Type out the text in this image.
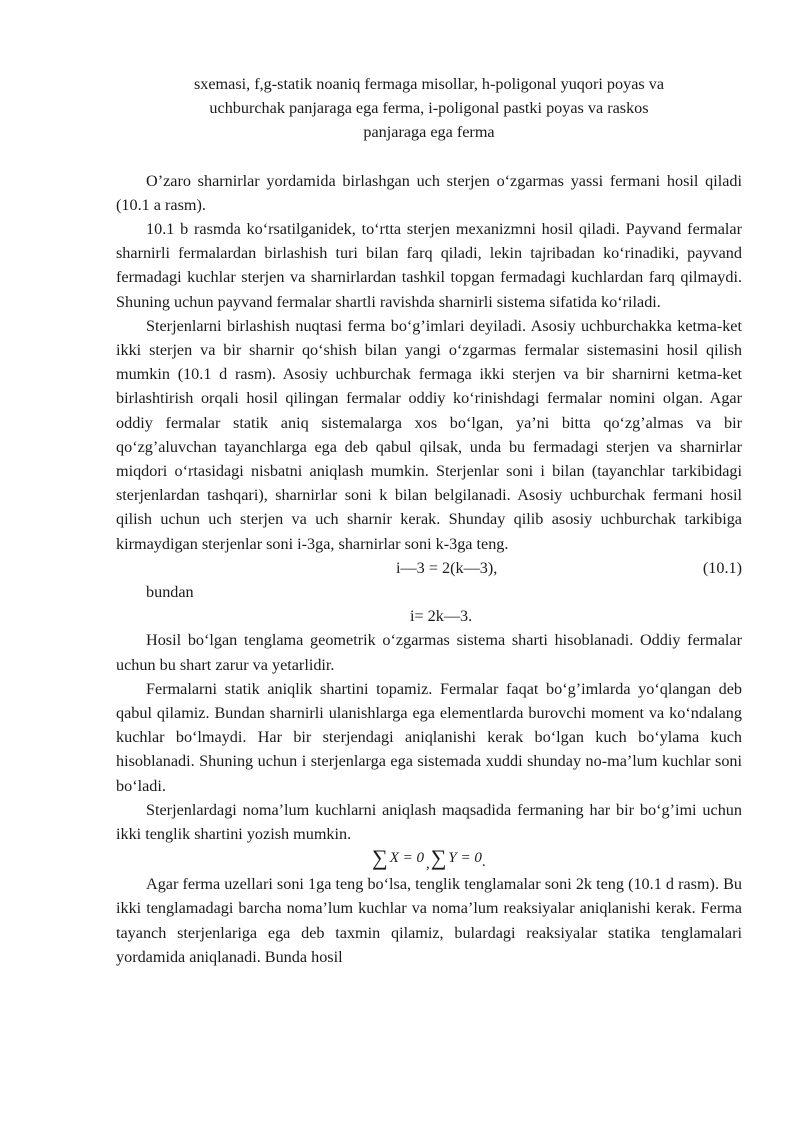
sxemasi, f,g-statik noaniq fermaga misollar, h-poligonal yuqori poyas va
uchburchak panjaraga ega ferma, i-poligonal pastki poyas va raskos
panjaraga ega ferma

O’zaro sharnirlar yordamida birlashgan uch sterjen o‘zgarmas yassi fermani hosil qiladi (10.1 a rasm).

10.1 b rasmda ko‘rsatilganidek, to‘rtta sterjen mexanizmni hosil qiladi. Payvand fermalar sharnirli fermalardan birlashish turi bilan farq qiladi, lekin tajribadan ko‘rinadiki, payvand fermadagi kuchlar sterjen va sharnirlardan tashkil topgan fermadagi kuchlardan farq qilmaydi. Shuning uchun payvand fermalar shartli ravishda sharnirli sistema sifatida ko‘riladi.

Sterjenlarni birlashish nuqtasi ferma bo‘g’imlari deyiladi. Asosiy uchburchakka ketma-ket ikki sterjen va bir sharnir qo‘shish bilan yangi o‘zgarmas fermalar sistemasini hosil qilish mumkin (10.1 d rasm). Asosiy uchburchak fermaga ikki sterjen va bir sharnirni ketma-ket birlashtirish orqali hosil qilingan fermalar oddiy ko‘rinishdagi fermalar nomini olgan. Agar oddiy fermalar statik aniq sistemalarga xos bo‘lgan, ya’ni bitta qo‘zg’almas va bir qo‘zg’aluvchan tayanchlarga ega deb qabul qilsak, unda bu fermadagi sterjen va sharnirlar miqdori o‘rtasidagi nisbatni aniqlash mumkin. Sterjenlar soni i bilan (tayanchlar tarkibidagi sterjenlardan tashqari), sharnirlar soni k bilan belgilanadi. Asosiy uchburchak fermani hosil qilish uchun uch sterjen va uch sharnir kerak. Shunday qilib asosiy uchburchak tarkibiga kirmaydigan sterjenlar soni i-3ga, sharnirlar soni k-3ga teng.

i—3 = 2(k—3),	(10.1)
bundan
i= 2k—3.

Hosil bo‘lgan tenglama geometrik o‘zgarmas sistema sharti hisoblanadi. Oddiy fermalar uchun bu shart zarur va yetarlidir.

Fermalarni statik aniqlik shartini topamiz. Fermalar faqat bo‘g’imlarda yo‘qlangan deb qabul qilamiz. Bundan sharnirli ulanishlarga ega elementlarda burovchi moment va ko‘ndalang kuchlar bo‘lmaydi. Har bir sterjendagi aniqlanishi kerak bo‘lgan kuch bo‘ylama kuch hisoblanadi. Shuning uchun i sterjenlarga ega sistemada xuddi shunday no-ma’lum kuchlar soni bo‘ladi.

Sterjenlardagi noma’lum kuchlarni aniqlash maqsadida fermaning har bir bo‘g’imi uchun ikki tenglik shartini yozish mumkin.

∑ X = 0 ,∑ Y = 0.

Agar ferma uzellari soni 1ga teng bo‘lsa, tenglik tenglamalar soni 2k teng (10.1 d rasm). Bu ikki tenglamadagi barcha noma’lum kuchlar va noma’lum reaksiyalar aniqlanishi kerak. Ferma tayanch sterjenlariga ega deb taxmin qilamiz, bulardagi reaksiyalar statika tenglamalari yordamida aniqlanadi. Bunda hosil
